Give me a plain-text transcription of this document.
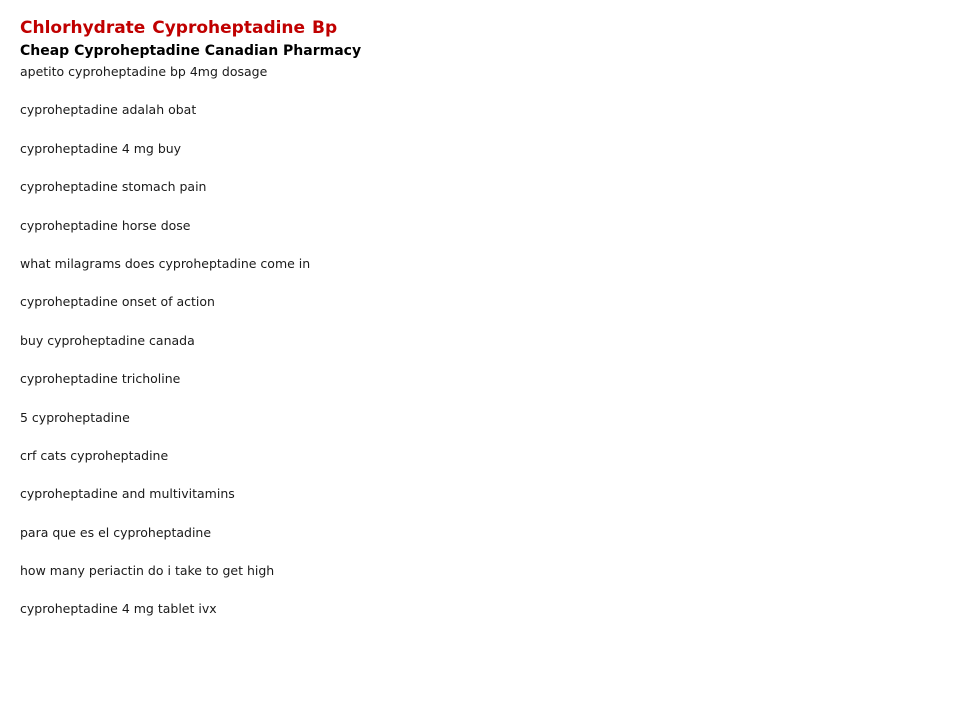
Chlorhydrate Cyproheptadine Bp
Cheap Cyproheptadine Canadian Pharmacy
apetito cyproheptadine bp 4mg dosage
cyproheptadine adalah obat
cyproheptadine 4 mg buy
cyproheptadine stomach pain
cyproheptadine horse dose
what milagrams does cyproheptadine come in
cyproheptadine onset of action
buy cyproheptadine canada
cyproheptadine tricholine
5 cyproheptadine
crf cats cyproheptadine
cyproheptadine and multivitamins
para que es el cyproheptadine
how many periactin do i take to get high
cyproheptadine 4 mg tablet ivx
